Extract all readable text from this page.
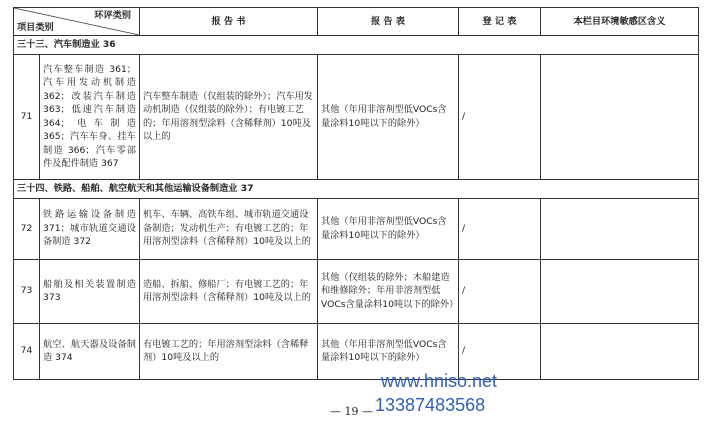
环评类别
项目类别		报 告 书	报 告 表	登 记 表	本栏目环境敏感区含义
三十三、汽车制造业 36					
71	汽车整车制造 361；汽车用发动机制造 362；改装汽车制造 363；低速汽车制造 364；电车制造 365；汽车车身、挂车制造 366；汽车零部件及配件制造 367	汽车整车制造（仅组装的除外）；汽车用发动机制造（仅组装的除外）；有电镀工艺的；年用溶剂型涂料（含稀释剂）10吨及以上的	其他（年用非溶剂型低VOCs含量涂料10吨以下的除外）	/	
三十四、铁路、船舶、航空航天和其他运输设备制造业 37					
72	铁路运输设备制造371；城市轨道交通设备制造 372	机车、车辆、高铁车组、城市轨道交通设备制造；发动机生产；有电镀工艺的；年用溶剂型涂料（含稀释剂）10吨及以上的	其他（年用非溶剂型低VOCs含量涂料10吨以下的除外）	/	
73	船舶及相关装置制造373	造船、拆船、修船厂；有电镀工艺的；年用溶剂型涂料（含稀释剂）10吨及以上的	其他（仅组装的除外；木船建造和维修除外；年用非溶剂型低VOCs含量涂料10吨以下的除外）	/	
74	航空、航天器及设备制造 374	有电镀工艺的；年用溶剂型涂料（含稀释剂）10吨及以上的	其他（年用非溶剂型低VOCs含量涂料10吨以下的除外）	/	
— 19 —
www.hniso.net
13387483568
